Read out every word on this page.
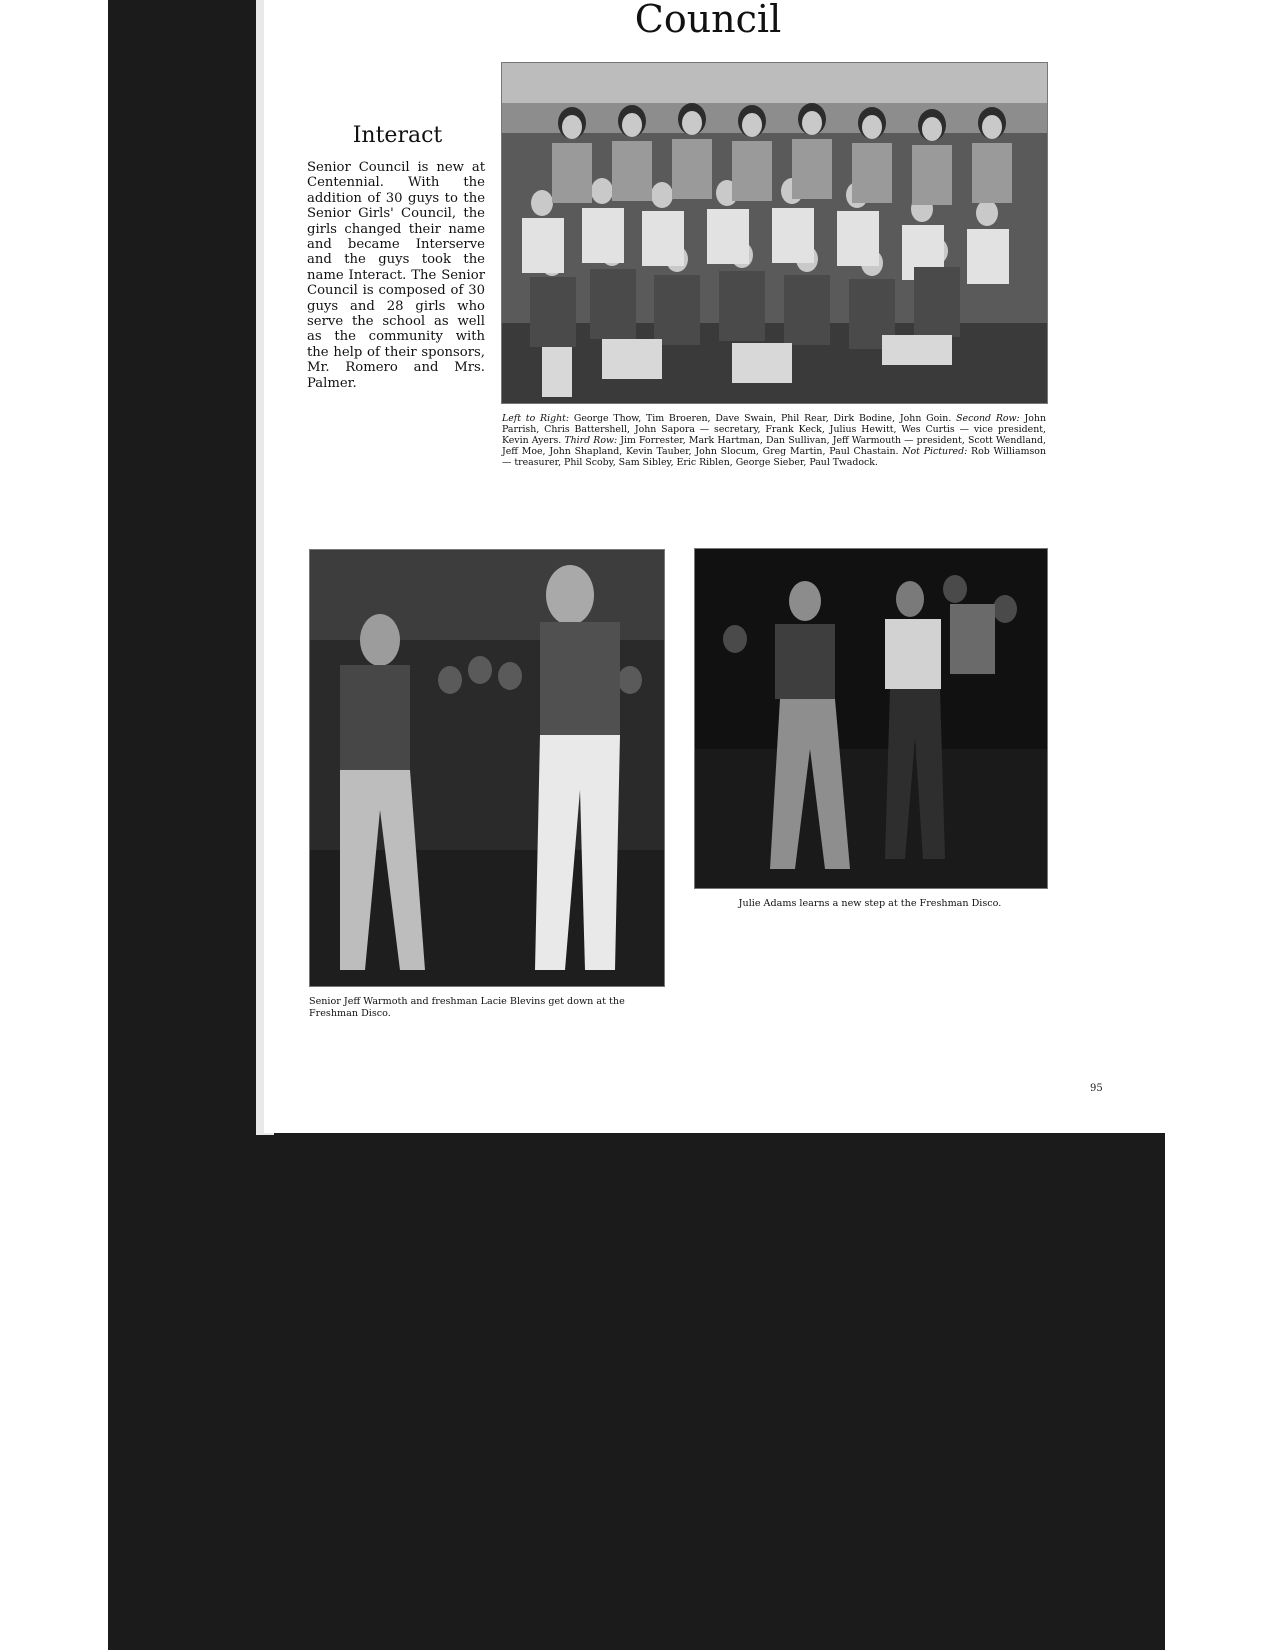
Council
Interact
Senior Council is new at Centennial. With the addition of 30 guys to the Senior Girls' Council, the girls changed their name and became Interserve and the guys took the name Interact. The Senior Council is composed of 30 guys and 28 girls who serve the school as well as the community with the help of their sponsors, Mr. Romero and Mrs. Palmer.
Left to Right: George Thow, Tim Broeren, Dave Swain, Phil Rear, Dirk Bodine, John Goin. Second Row: John Parrish, Chris Battershell, John Sapora — secretary, Frank Keck, Julius Hewitt, Wes Curtis — vice president, Kevin Ayers. Third Row: Jim Forrester, Mark Hartman, Dan Sullivan, Jeff Warmouth — president, Scott Wendland, Jeff Moe, John Shapland, Kevin Tauber, John Slocum, Greg Martin, Paul Chastain. Not Pictured: Rob Williamson — treasurer, Phil Scoby, Sam Sibley, Eric Riblen, George Sieber, Paul Twadock.
Senior Jeff Warmoth and freshman Lacie Blevins get down at the Freshman Disco.
Julie Adams learns a new step at the Freshman Disco.
95
